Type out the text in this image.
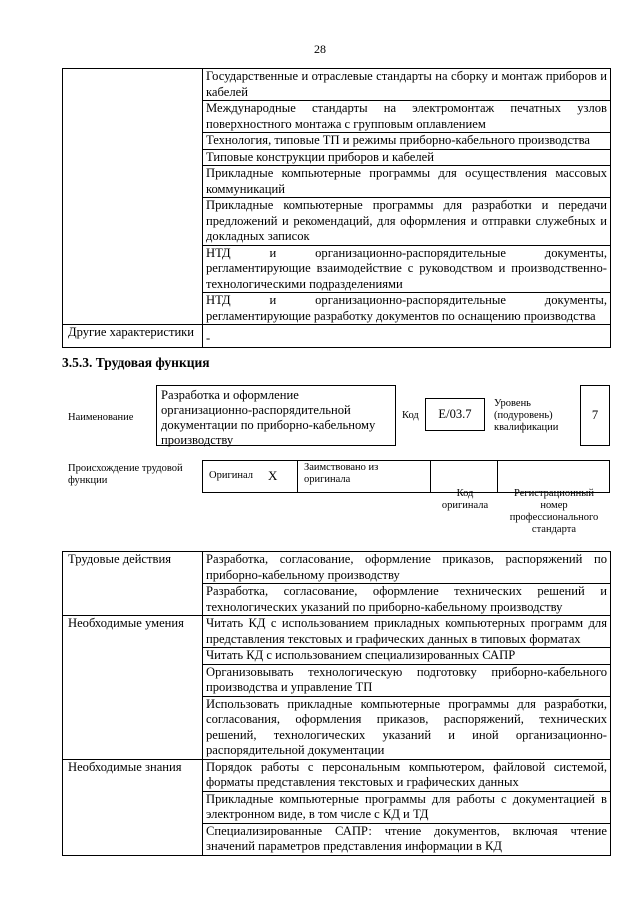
28
	Государственные и отраслевые стандарты на сборку и монтаж приборов и кабелей
	Международные стандарты на электромонтаж печатных узлов поверхностного монтажа с групповым оплавлением
	Технология, типовые ТП и режимы приборно-кабельного производства
	Типовые конструкции приборов и кабелей
	Прикладные компьютерные программы для осуществления массовых коммуникаций
	Прикладные компьютерные программы для разработки и передачи предложений и рекомендаций, для оформления и отправки служебных и докладных записок
	НТД и организационно-распорядительные документы, регламентирующие взаимодействие с руководством и производственно-технологическими подразделениями
	НТД и организационно-распорядительные документы, регламентирующие разработку документов по оснащению производства
Другие характеристики	-
3.5.3. Трудовая функция
Наименование
Разработка и оформление организационно-распорядительной документации по приборно-кабельному производству
Код	E/03.7
Уровень (подуровень) квалификации
7
Происхождение трудовой функции	Оригинал X
Заимствовано из оригинала
Код оригинала
Регистрационный номер профессионального стандарта
Трудовые действия	Разработка, согласование, оформление приказов, распоряжений по приборно-кабельному производству
	Разработка, согласование, оформление технических решений и технологических указаний по приборно-кабельному производству
Необходимые умения	Читать КД с использованием прикладных компьютерных программ для представления текстовых и графических данных в типовых форматах
	Читать КД с использованием специализированных САПР
	Организовывать технологическую подготовку приборно-кабельного производства и управление ТП
	Использовать прикладные компьютерные программы для разработки, согласования, оформления приказов, распоряжений, технических решений, технологических указаний и иной организационно-распорядительной документации
Необходимые знания	Порядок работы с персональным компьютером, файловой системой, форматы представления текстовых и графических данных
	Прикладные компьютерные программы для работы с документацией в электронном виде, в том числе с КД и ТД
	Специализированные САПР: чтение документов, включая чтение значений параметров представления информации в КД
